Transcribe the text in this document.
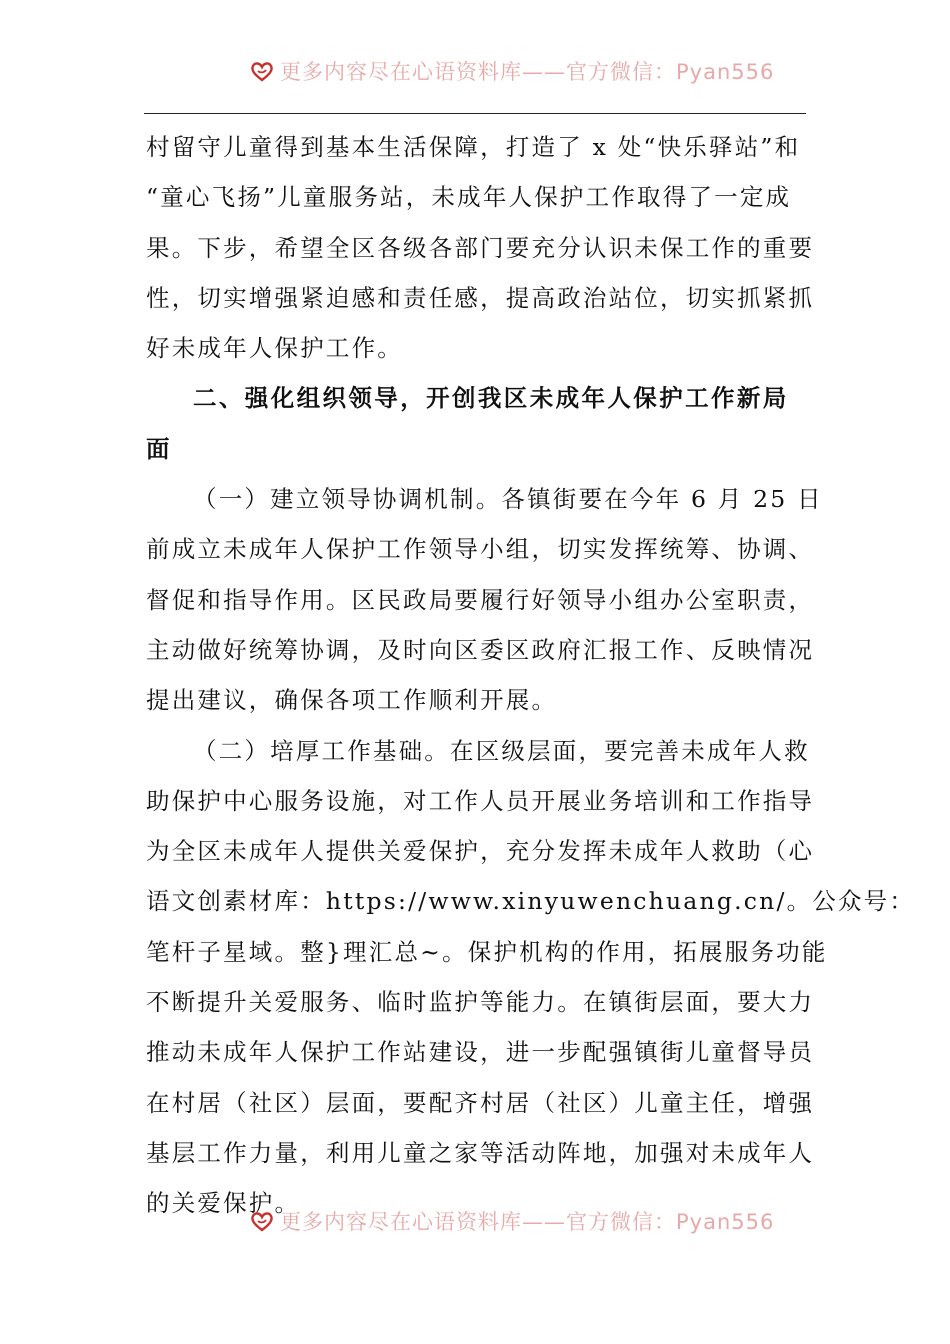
更多内容尽在心语资料库——官方微信：Pyan556
村留守儿童得到基本生活保障，打造了 x 处“快乐驿站”和
“童心飞扬”儿童服务站，未成年人保护工作取得了一定成
果。下步，希望全区各级各部门要充分认识未保工作的重要
性，切实增强紧迫感和责任感，提高政治站位，切实抓紧抓
好未成年人保护工作。
二、强化组织领导，开创我区未成年人保护工作新局
面
（一）建立领导协调机制。各镇街要在今年 6 月 25 日
前成立未成年人保护工作领导小组，切实发挥统筹、协调、
督促和指导作用。区民政局要履行好领导小组办公室职责，
主动做好统筹协调，及时向区委区政府汇报工作、反映情况
提出建议，确保各项工作顺利开展。
（二）培厚工作基础。在区级层面，要完善未成年人救
助保护中心服务设施，对工作人员开展业务培训和工作指导
为全区未成年人提供关爱保护，充分发挥未成年人救助（心
语文创素材库：https://www.xinyuwenchuang.cn/。公众号：
笔杆子星域。整}理汇总~。保护机构的作用，拓展服务功能
不断提升关爱服务、临时监护等能力。在镇街层面，要大力
推动未成年人保护工作站建设，进一步配强镇街儿童督导员
在村居（社区）层面，要配齐村居（社区）儿童主任，增强
基层工作力量，利用儿童之家等活动阵地，加强对未成年人
的关爱保护。
更多内容尽在心语资料库——官方微信：Pyan556
